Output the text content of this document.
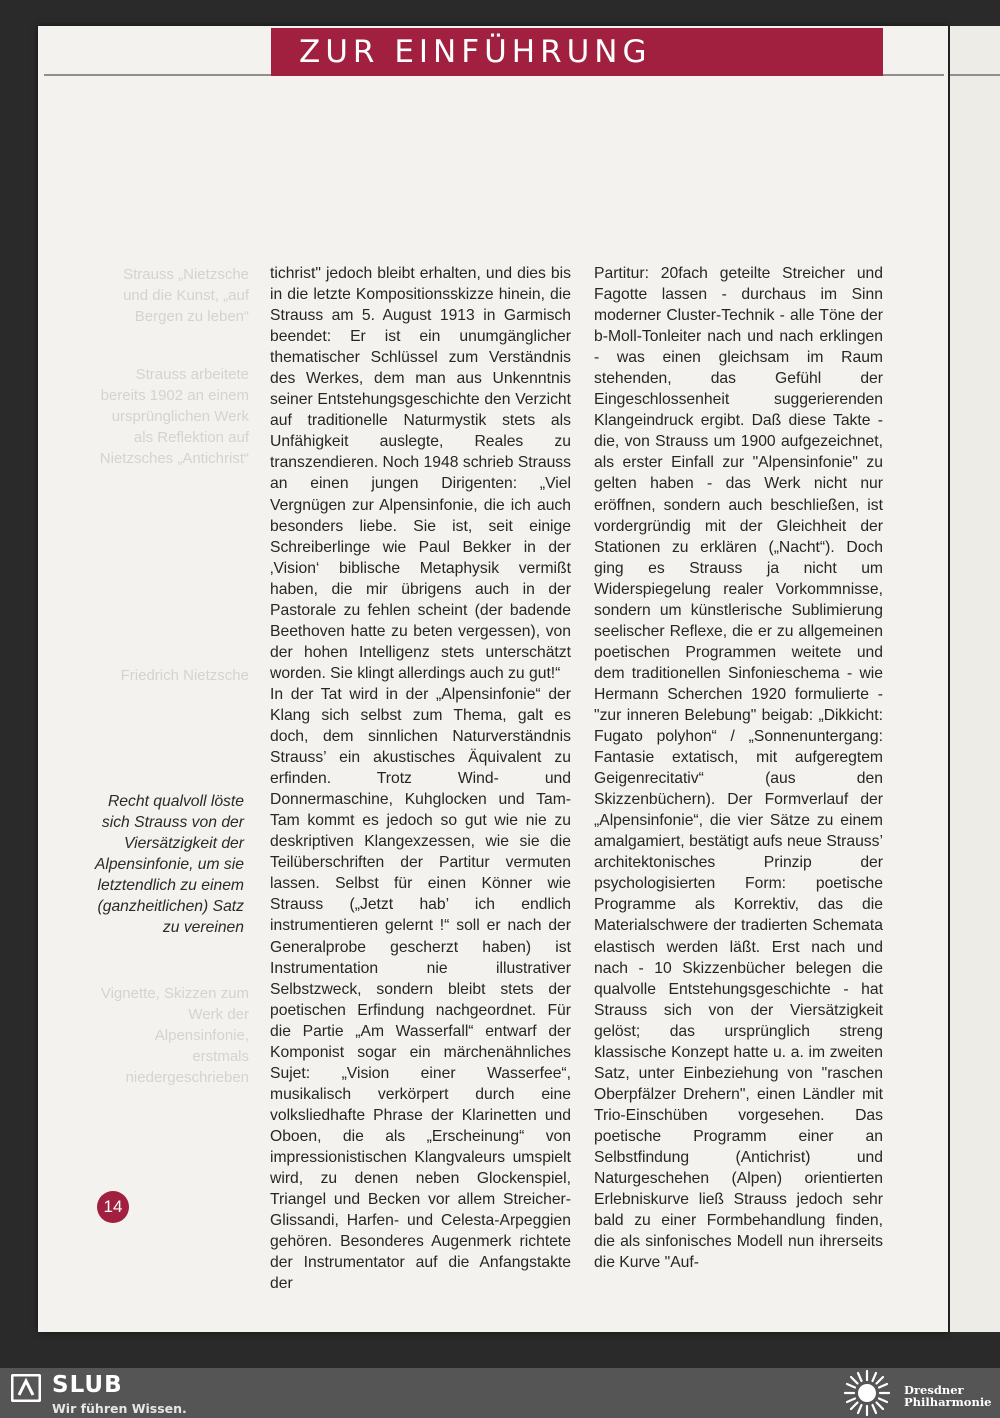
ZUR EINFÜHRUNG
Strauss „Nietzsche und die Kunst, „auf Bergen zu leben“
Strauss arbeitete bereits 1902 an einem ursprünglichen Werk als Reflektion auf Nietzsches „Antichrist“
Friedrich Nietzsche
Vignette, Skizzen zum Werk der Alpensinfonie, erstmals niedergeschrieben
Recht qualvoll löste sich Strauss von der Viersätzigkeit der Alpensinfonie, um sie letztendlich zu einem (ganzheitlichen) Satz zu vereinen

tichrist" jedoch bleibt erhalten, und dies bis in die letzte Kompositionsskizze hinein, die Strauss am 5. August 1913 in Garmisch beendet: Er ist ein unumgänglicher thematischer Schlüssel zum Verständnis des Werkes, dem man aus Unkenntnis seiner Entstehungsgeschichte den Verzicht auf traditionelle Naturmystik stets als Unfähigkeit auslegte, Reales zu transzendieren. Noch 1948 schrieb Strauss an einen jungen Dirigenten: „Viel Vergnügen zur Alpensinfonie, die ich auch besonders liebe. Sie ist, seit einige Schreiberlinge wie Paul Bekker in der ‚Vision‘ biblische Metaphysik vermißt haben, die mir übrigens auch in der Pastorale zu fehlen scheint (der badende Beethoven hatte zu beten vergessen), von der hohen Intelligenz stets unterschätzt worden. Sie klingt allerdings auch zu gut!“

In der Tat wird in der „Alpensinfonie“ der Klang sich selbst zum Thema, galt es doch, dem sinnlichen Naturverständnis Strauss’ ein akustisches Äquivalent zu erfinden. Trotz Wind- und Donnermaschine, Kuhglocken und Tam-Tam kommt es jedoch so gut wie nie zu deskriptiven Klangexzessen, wie sie die Teilüberschriften der Partitur vermuten lassen. Selbst für einen Könner wie Strauss („Jetzt hab’ ich endlich instrumentieren gelernt !“ soll er nach der Generalprobe gescherzt haben) ist Instrumentation nie illustrativer Selbstzweck, sondern bleibt stets der poetischen Erfindung nachgeordnet. Für die Partie „Am Wasserfall“ entwarf der Komponist sogar ein märchenähnliches Sujet: „Vision einer Wasserfee“, musikalisch verkörpert durch eine volksliedhafte Phrase der Klarinetten und Oboen, die als „Erscheinung“ von impressionistischen Klangvaleurs umspielt wird, zu denen neben Glockenspiel, Triangel und Becken vor allem Streicher-Glissandi, Harfen- und Celesta-Arpeggien gehören. Besonderes Augenmerk richtete der Instrumentator auf die Anfangstakte der

Partitur: 20fach geteilte Streicher und Fagotte lassen - durchaus im Sinn moderner Cluster-Technik - alle Töne der b-Moll-Tonleiter nach und nach erklingen - was einen gleichsam im Raum stehenden, das Gefühl der Eingeschlossenheit suggerierenden Klangeindruck ergibt. Daß diese Takte - die, von Strauss um 1900 aufgezeichnet, als erster Einfall zur "Alpensinfonie" zu gelten haben - das Werk nicht nur eröffnen, sondern auch beschließen, ist vordergründig mit der Gleichheit der Stationen zu erklären („Nacht“). Doch ging es Strauss ja nicht um Widerspiegelung realer Vorkommnisse, sondern um künstlerische Sublimierung seelischer Reflexe, die er zu allgemeinen poetischen Programmen weitete und dem traditionellen Sinfonieschema - wie Hermann Scherchen 1920 formulierte - "zur inneren Belebung" beigab: „Dikkicht: Fugato polyhon“ / „Sonnenuntergang: Fantasie extatisch, mit aufgeregtem Geigenrecitativ“ (aus den Skizzenbüchern). Der Formverlauf der „Alpensinfonie“, die vier Sätze zu einem amalgamiert, bestätigt aufs neue Strauss’ architektonisches Prinzip der psychologisierten Form: poetische Programme als Korrektiv, das die Materialschwere der tradierten Schemata elastisch werden läßt. Erst nach und nach - 10 Skizzenbücher belegen die qualvolle Entstehungsgeschichte - hat Strauss sich von der Viersätzigkeit gelöst; das ursprünglich streng klassische Konzept hatte u. a. im zweiten Satz, unter Einbeziehung von "raschen Oberpfälzer Drehern", einen Ländler mit Trio-Einschüben vorgesehen. Das poetische Programm einer an Selbstfindung (Antichrist) und Naturgeschehen (Alpen) orientierten Erlebniskurve ließ Strauss jedoch sehr bald zu einer Formbehandlung finden, die als sinfonisches Modell nun ihrerseits die Kurve "Auf-

14
SLUB
Wir führen Wissen.
Dresdner
Philharmonie
